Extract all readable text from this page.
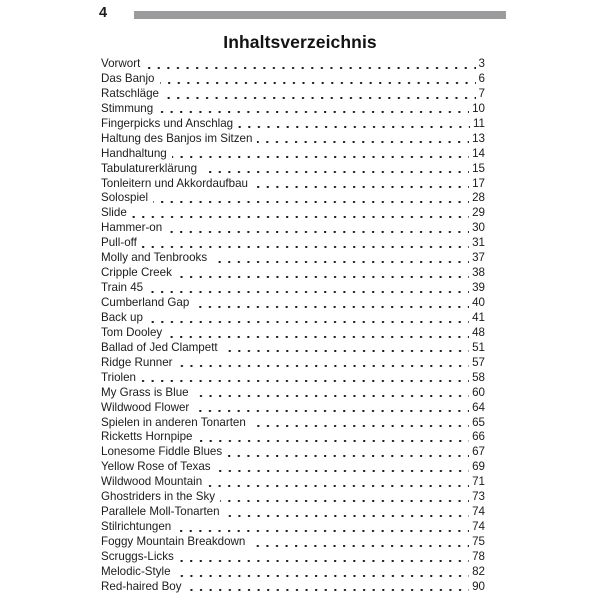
4
Inhaltsverzeichnis
Vorwort	3
Das Banjo	6
Ratschläge	7
Stimmung	10
Fingerpicks und Anschlag	11
Haltung des Banjos im Sitzen	13
Handhaltung	14
Tabulaturerklärung	15
Tonleitern und Akkordaufbau	17
Solospiel	28
Slide	29
Hammer-on	30
Pull-off	31
Molly and Tenbrooks	37
Cripple Creek	38
Train 45	39
Cumberland Gap	40
Back up	41
Tom Dooley	48
Ballad of Jed Clampett	51
Ridge Runner	57
Triolen	58
My Grass is Blue	60
Wildwood Flower	64
Spielen in anderen Tonarten	65
Ricketts Hornpipe	66
Lonesome Fiddle Blues	67
Yellow Rose of Texas	69
Wildwood Mountain	71
Ghostriders in the Sky	73
Parallele Moll-Tonarten	74
Stilrichtungen	74
Foggy Mountain Breakdown	75
Scruggs-Licks	78
Melodic-Style	82
Red-haired Boy	90
